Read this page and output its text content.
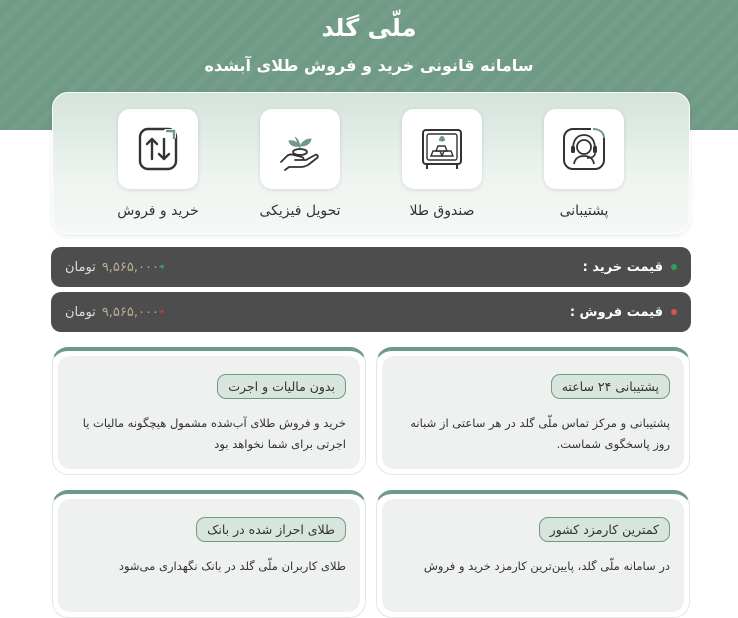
ملّی گلد
سامانه قانونی خرید و فروش طلای آبشده
خرید و فروش	تحویل فیزیکی	صندوق طلا	پشتیبانی
قیمت خرید :
◂
۹,۵۶۵,۰۰۰
تومان
قیمت فروش :
◂
۹,۵۶۵,۰۰۰
تومان
پشتیبانی ۲۴ ساعته
پشتیبانی و مرکز تماس ملّی گلد در هر ساعتی از شبانه روز پاسخگوی شماست.
بدون مالیات و اجرت
خرید و فروش طلای آب‌شده مشمول هیچگونه مالیات یا اجرتی برای شما نخواهد بود
کمترین کارمزد کشور
در سامانه ملّی گلد، پایین‌ترین کارمزد خرید و فروش
طلای احراز شده در بانک
طلای کاربران ملّی گلد در بانک نگهداری می‌شود
